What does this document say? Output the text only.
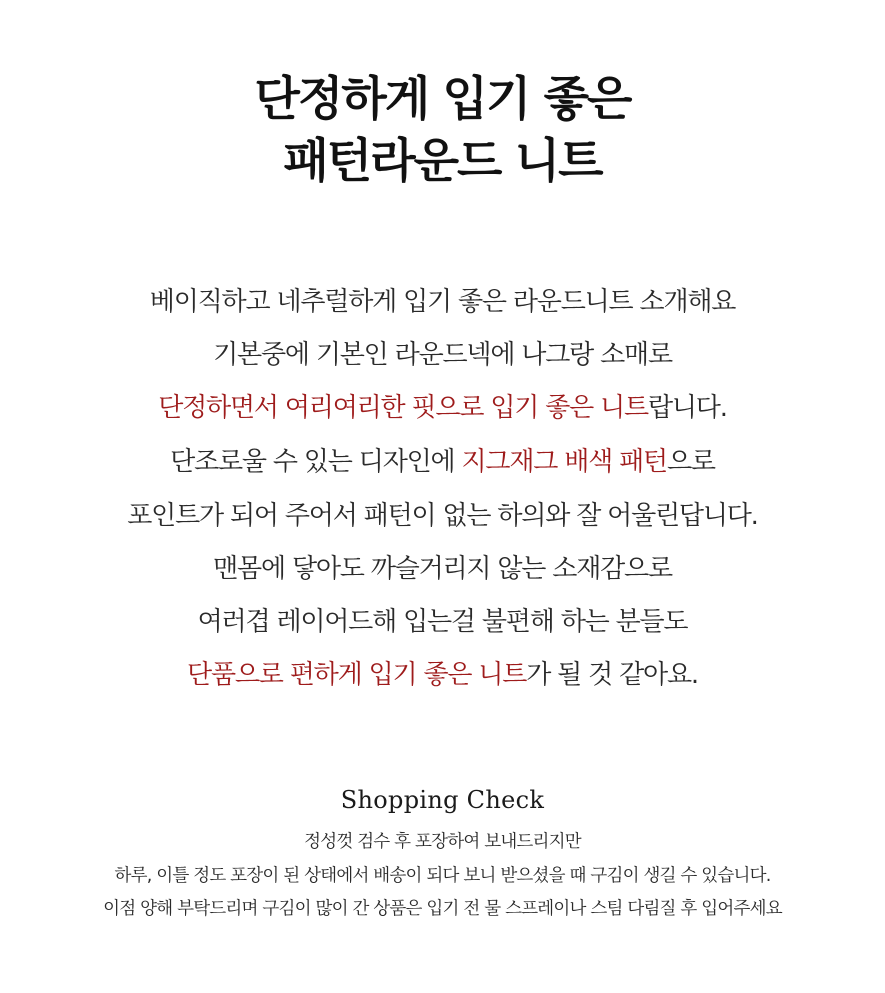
단정하게 입기 좋은
패턴라운드 니트
베이직하고 네추럴하게 입기 좋은 라운드니트 소개해요
기본중에 기본인 라운드넥에 나그랑 소매로
단정하면서 여리여리한 핏으로 입기 좋은 니트랍니다.
단조로울 수 있는 디자인에 지그재그 배색 패턴으로
포인트가 되어 주어서 패턴이 없는 하의와 잘 어울린답니다.
맨몸에 닿아도 까슬거리지 않는 소재감으로
여러겹 레이어드해 입는걸 불편해 하는 분들도
단품으로 편하게 입기 좋은 니트가 될 것 같아요.
Shopping Check
정성껏 검수 후 포장하여 보내드리지만
하루, 이틀 정도 포장이 된 상태에서 배송이 되다 보니 받으셨을 때 구김이 생길 수 있습니다.
이점 양해 부탁드리며 구김이 많이 간 상품은 입기 전 물 스프레이나 스팀 다림질 후 입어주세요
